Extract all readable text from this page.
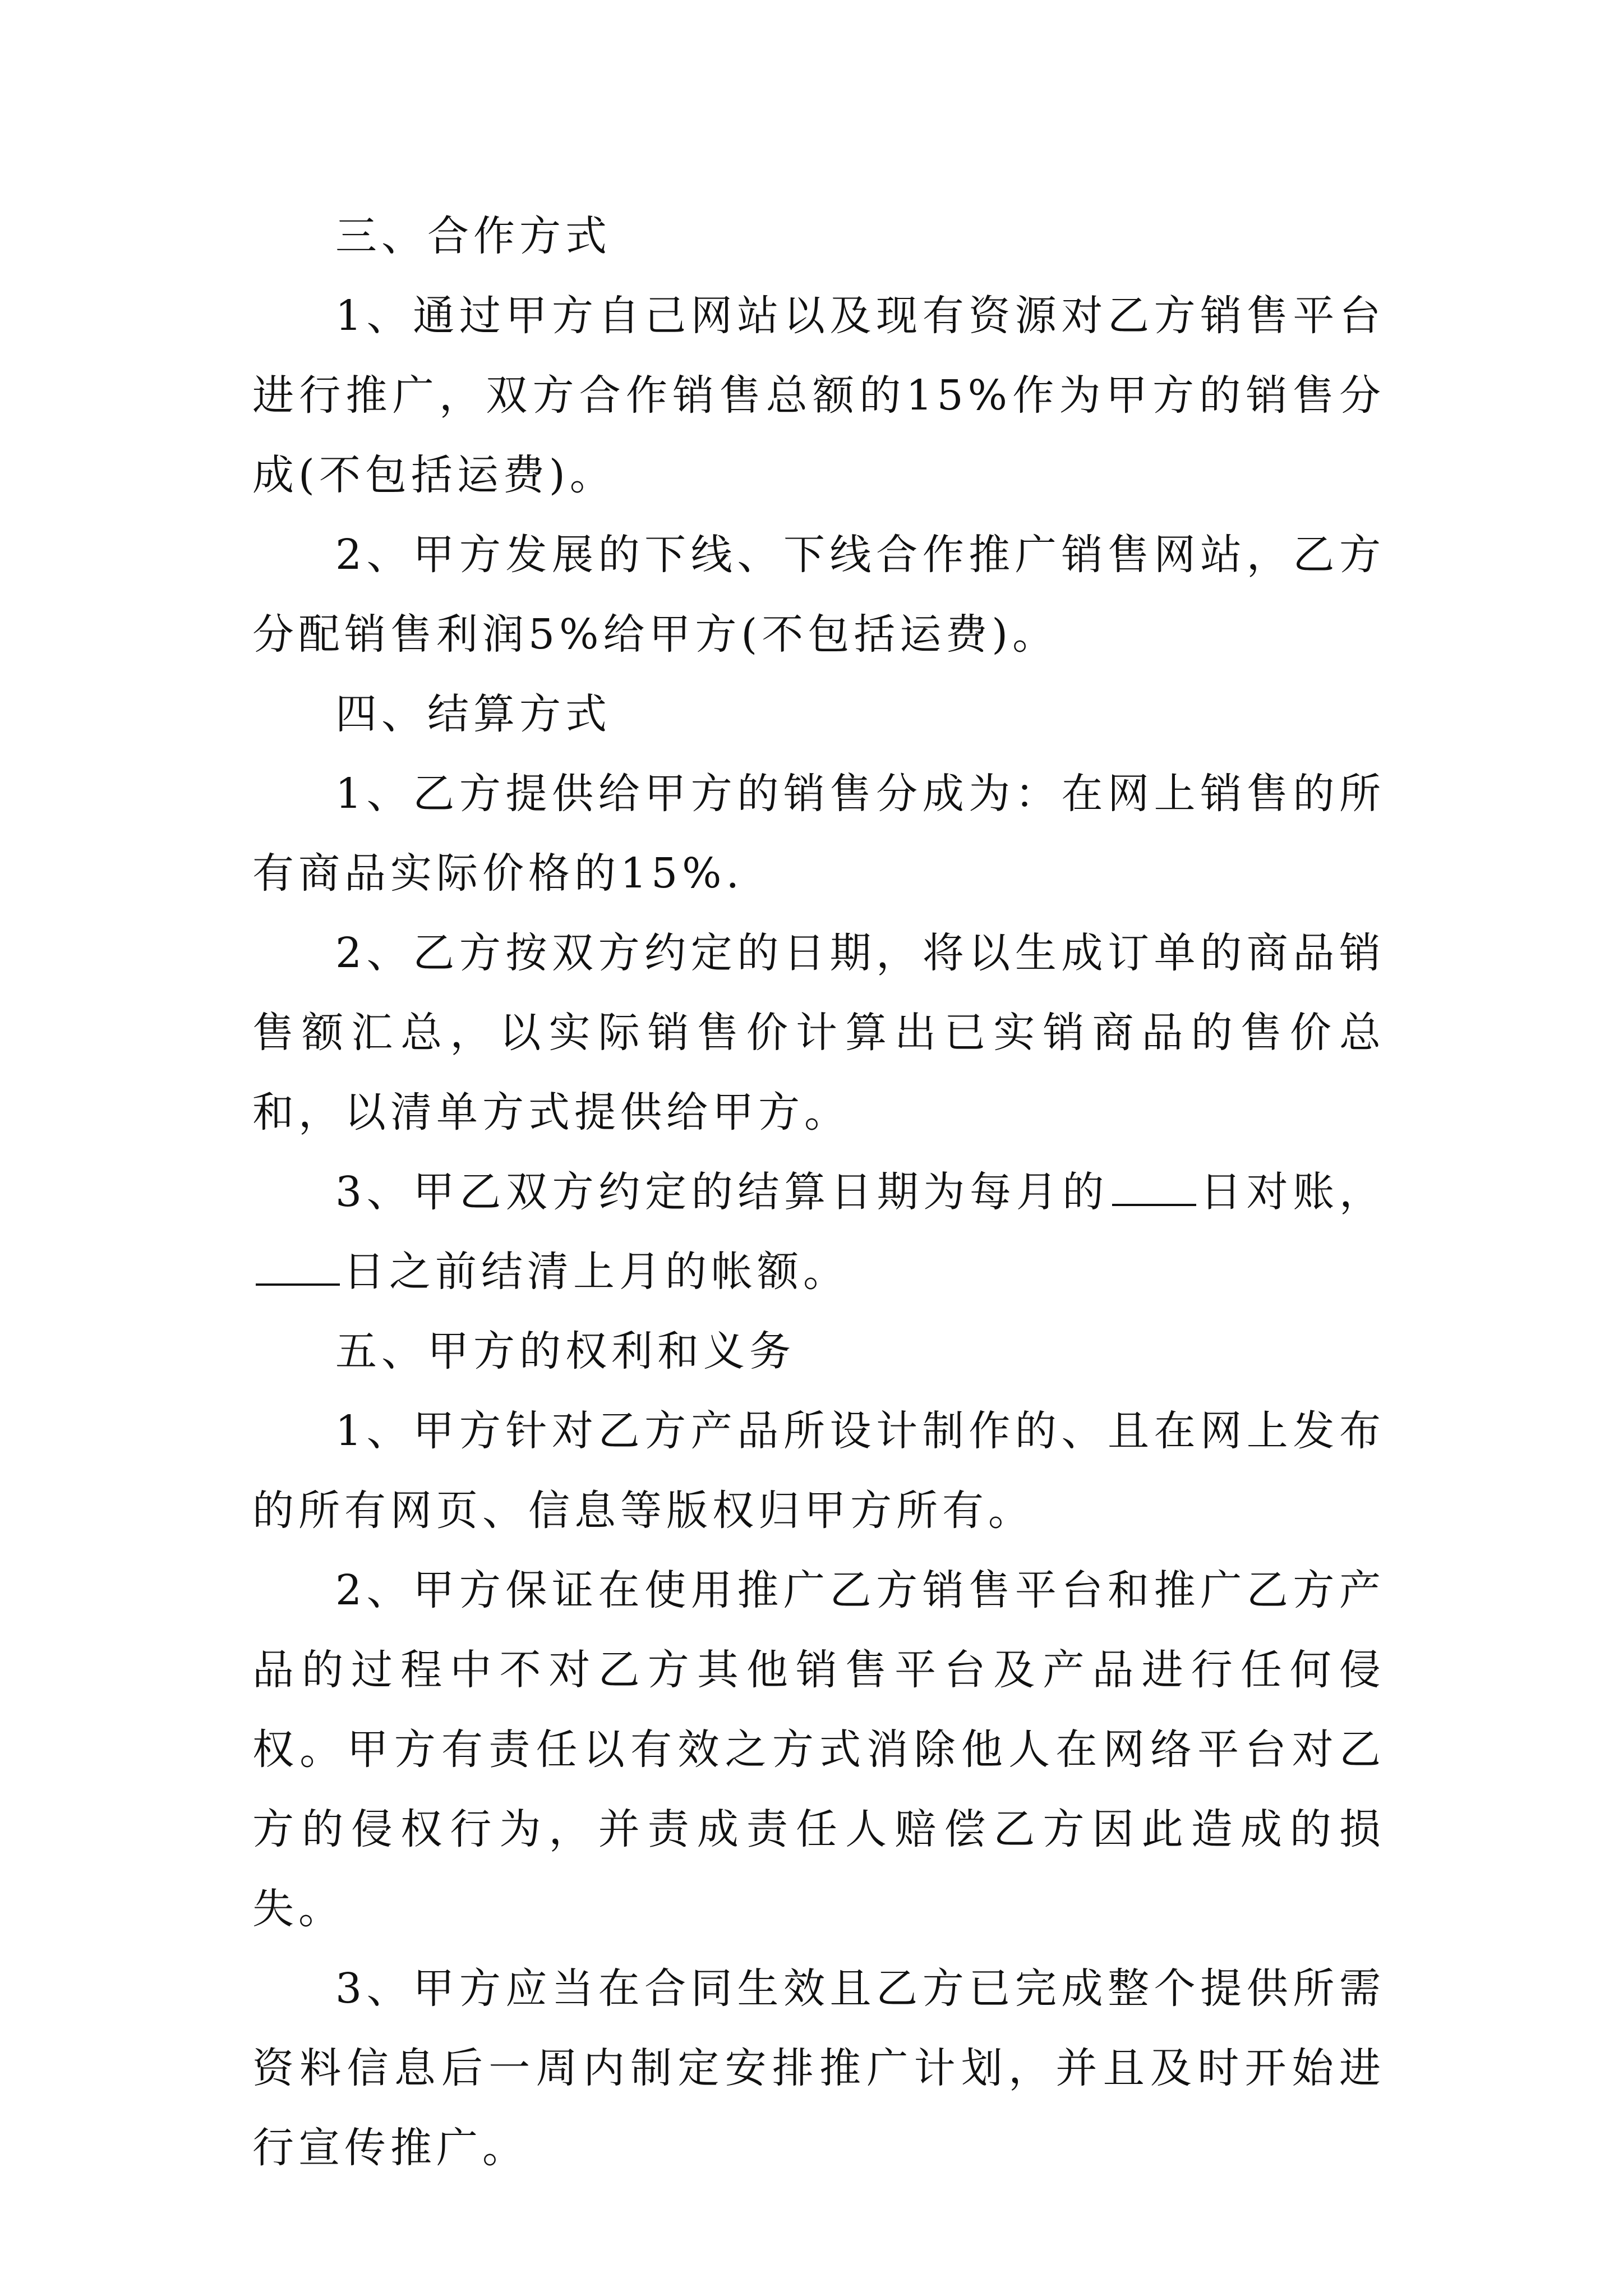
三、合作方式

1、通过甲方自己网站以及现有资源对乙方销售平台进行推广，双方合作销售总额的15%作为甲方的销售分成(不包括运费)。

2、甲方发展的下线、下线合作推广销售网站，乙方分配销售利润5%给甲方(不包括运费)。

四、结算方式

1、乙方提供给甲方的销售分成为：在网上销售的所有商品实际价格的15%.

2、乙方按双方约定的日期，将以生成订单的商品销售额汇总，以实际销售价计算出已实销商品的售价总和，以清单方式提供给甲方。

3、甲乙双方约定的结算日期为每月的 日对账，日之前结清上月的帐额。

五、甲方的权利和义务

1、甲方针对乙方产品所设计制作的、且在网上发布的所有网页、信息等版权归甲方所有。

2、甲方保证在使用推广乙方销售平台和推广乙方产品的过程中不对乙方其他销售平台及产品进行任何侵权。甲方有责任以有效之方式消除他人在网络平台对乙方的侵权行为，并责成责任人赔偿乙方因此造成的损失。

3、甲方应当在合同生效且乙方已完成整个提供所需资料信息后一周内制定安排推广计划，并且及时开始进行宣传推广。
